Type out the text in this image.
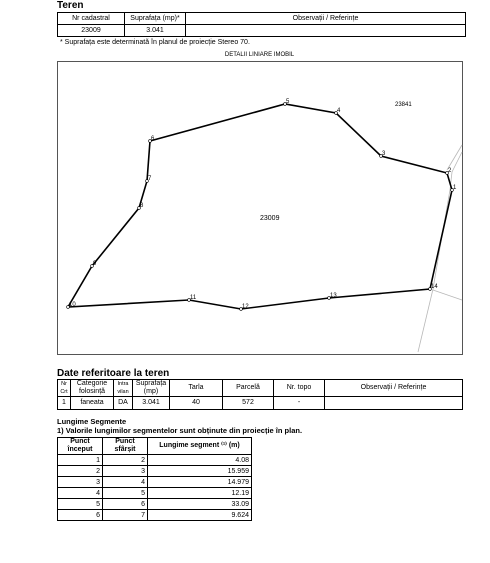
Teren
Nr cadastral	Suprafața (mp)*	Observații / Referințe
23009	3.041	
* Suprafața este determinată în planul de proiecție Stereo 70.
DETALII LINIARE IMOBIL
1
2
3
4
5
6
7
8
9
10
11
12
13
14
23009
23841
Date referitoare la teren
Nr Crt	Categorie folosință	Intra vilan	Suprafața (mp)	Tarla	Parcelă	Nr. topo	Observații / Referințe
1	faneata	DA	3.041	40	572	-	
Lungime Segmente
1) Valorile lungimilor segmentelor sunt obținute din proiecție în plan.
Punct început	Punct sfârșit	Lungime segment ⁽¹⁾ (m)
1	2	4.08
2	3	15.959
3	4	14.979
4	5	12.19
5	6	33.09
6	7	9.624
